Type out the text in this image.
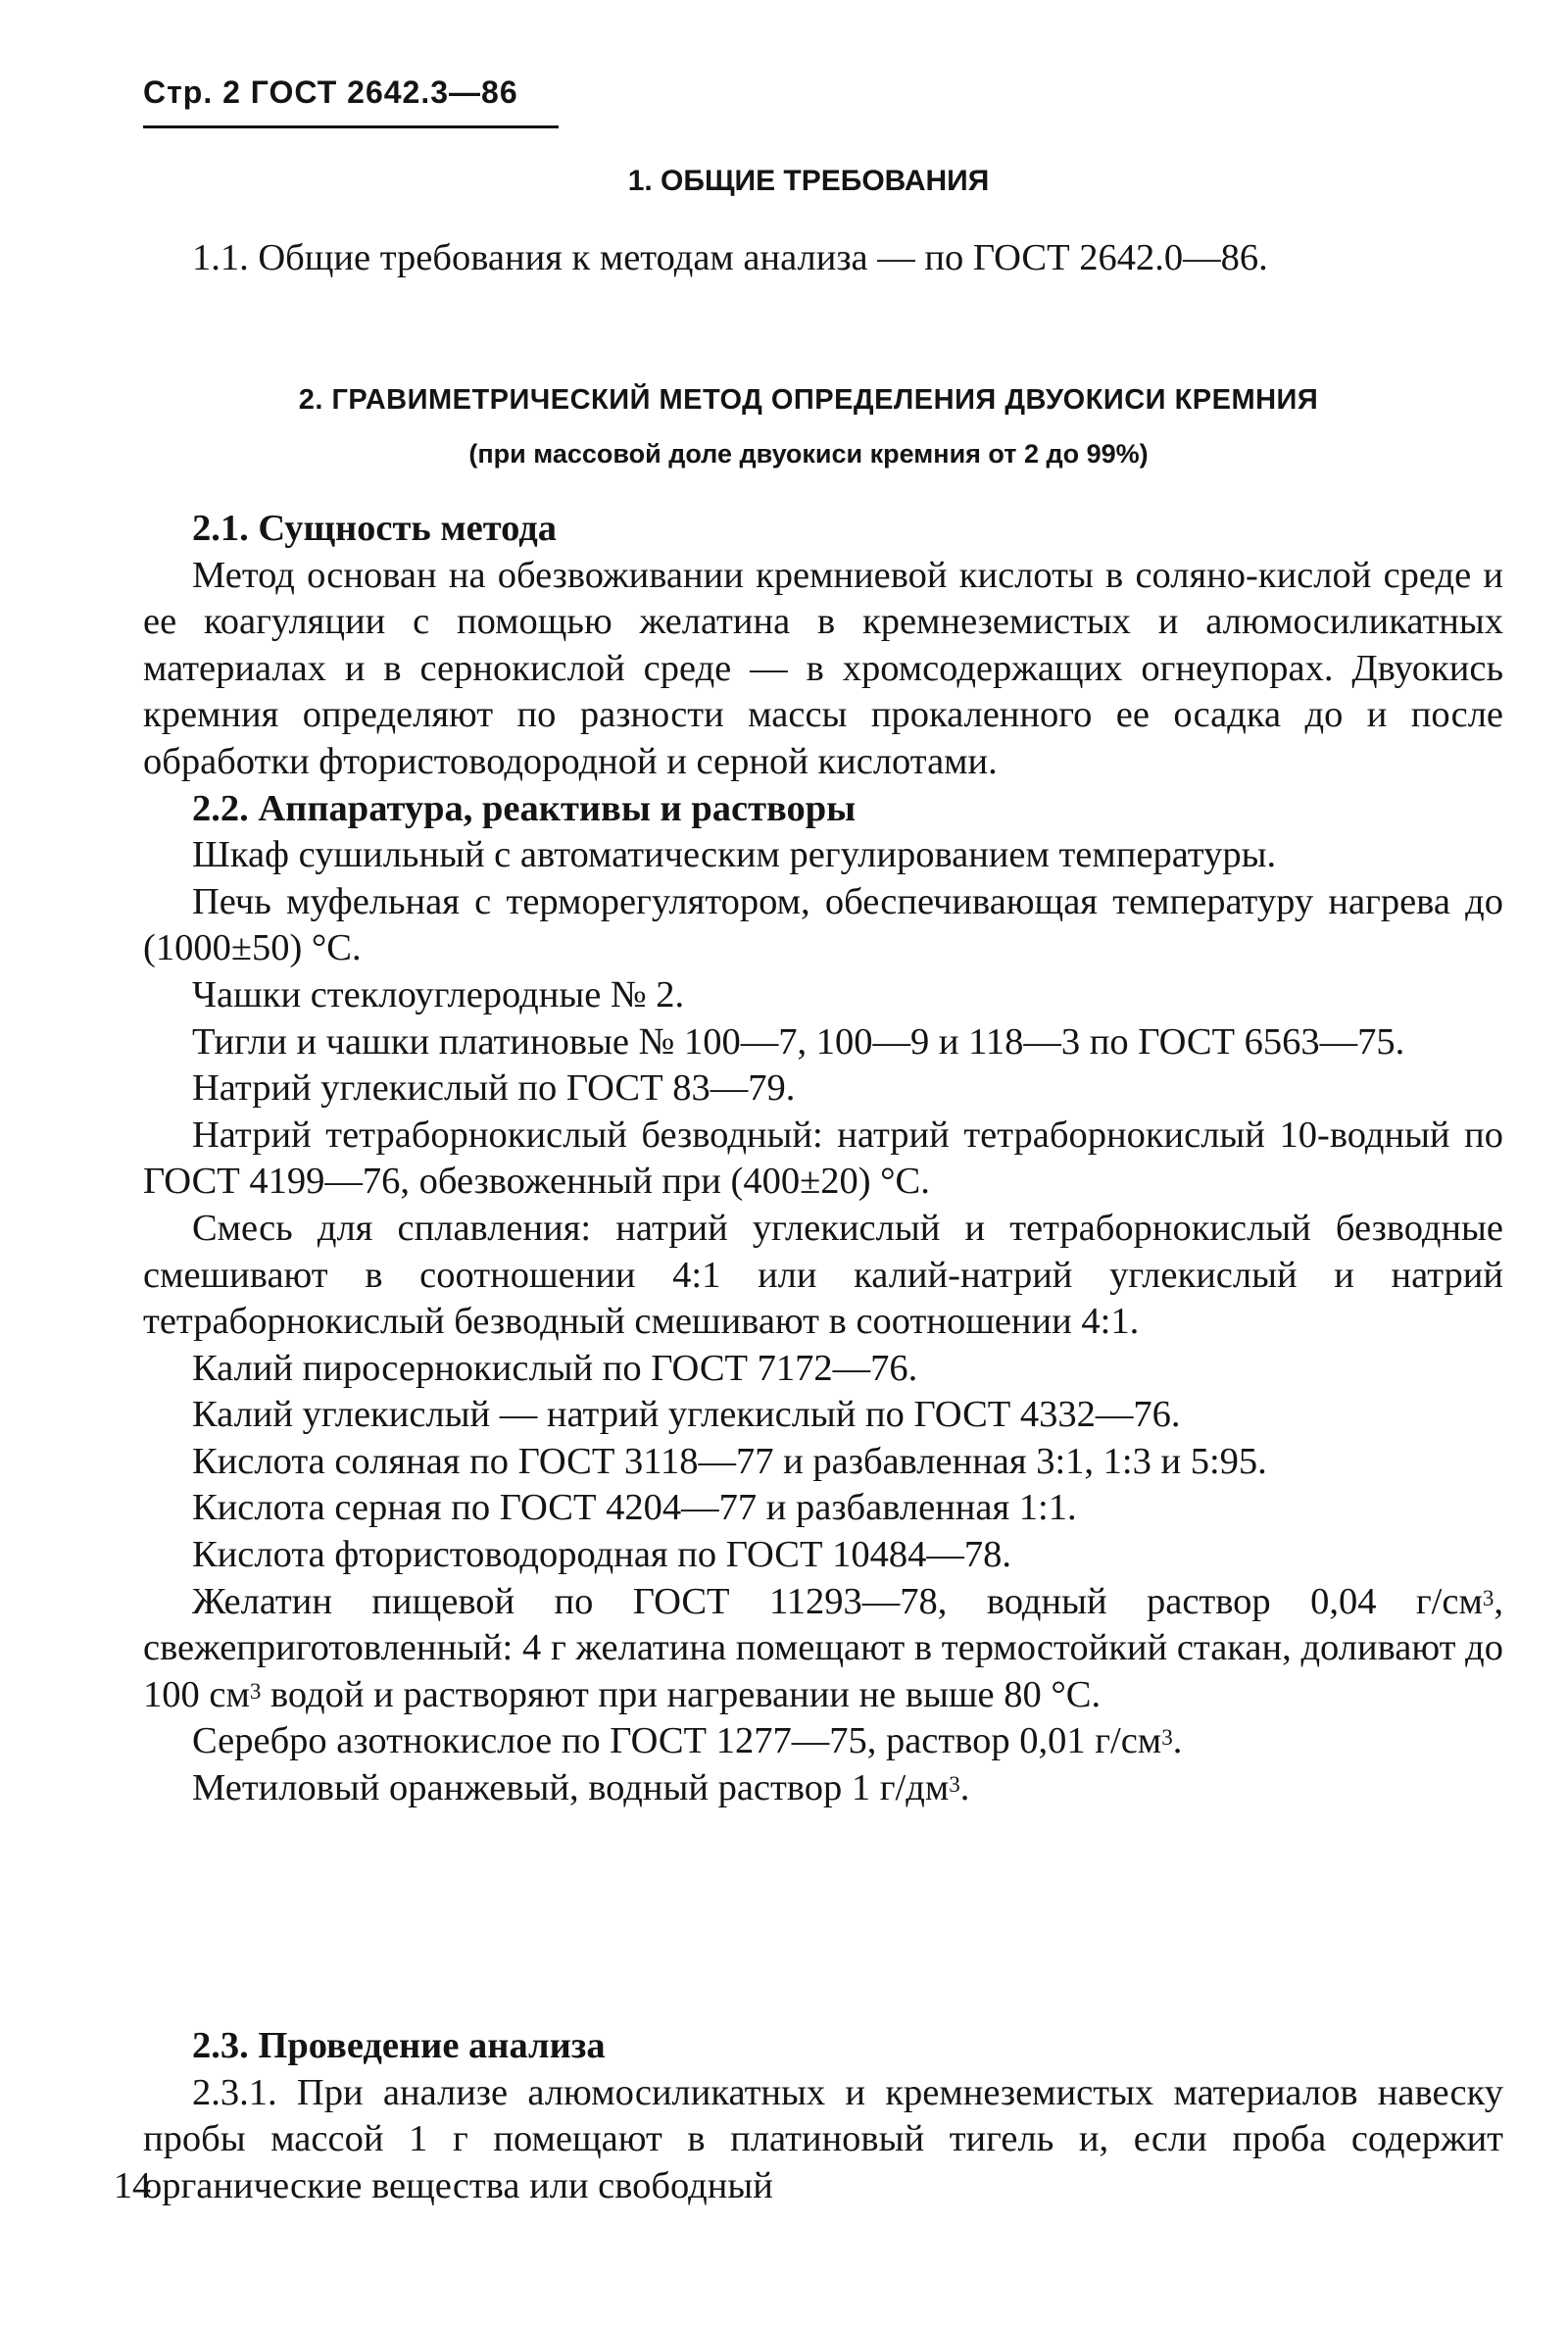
Стр. 2 ГОСТ 2642.3—86
1. ОБЩИЕ ТРЕБОВАНИЯ

1.1. Общие требования к методам анализа — по ГОСТ 2642.0—86.

2. ГРАВИМЕТРИЧЕСКИЙ МЕТОД ОПРЕДЕЛЕНИЯ ДВУОКИСИ КРЕМНИЯ
(при массовой доле двуокиси кремния от 2 до 99%)

2.1. Сущность метода

Метод основан на обезвоживании кремниевой кислоты в соляно-кислой среде и ее коагуляции с помощью желатина в кремнеземистых и алюмосиликатных материалах и в сернокислой среде — в хромсодержащих огнеупорах. Двуокись кремния определяют по разности массы прокаленного ее осадка до и после обработки фтористоводородной и серной кислотами.

2.2. Аппаратура, реактивы и растворы

Шкаф сушильный с автоматическим регулированием температуры.

Печь муфельная с терморегулятором, обеспечивающая температуру нагрева до (1000±50) °С.

Чашки стеклоуглеродные № 2.

Тигли и чашки платиновые № 100—7, 100—9 и 118—3 по ГОСТ 6563—75.

Натрий углекислый по ГОСТ 83—79.

Натрий тетраборнокислый безводный: натрий тетраборнокислый 10-водный по ГОСТ 4199—76, обезвоженный при (400±20) °С.

Смесь для сплавления: натрий углекислый и тетраборнокислый безводные смешивают в соотношении 4:1 или калий-натрий углекислый и натрий тетраборнокислый безводный смешивают в соотношении 4:1.

Калий пиросернокислый по ГОСТ 7172—76.

Калий углекислый — натрий углекислый по ГОСТ 4332—76.

Кислота соляная по ГОСТ 3118—77 и разбавленная 3:1, 1:3 и 5:95.

Кислота серная по ГОСТ 4204—77 и разбавленная 1:1.

Кислота фтористоводородная по ГОСТ 10484—78.

Желатин пищевой по ГОСТ 11293—78, водный раствор 0,04 $г/см^3$, свежеприготовленный: 4 г желатина помещают в термостойкий стакан, доливают до 100 $см^3$ водой и растворяют при нагревании не выше 80 °С.

Серебро азотнокислое по ГОСТ 1277—75, раствор 0,01 $г/см^3$.

Метиловый оранжевый, водный раствор 1 $г/дм^3$.

2.3. Проведение анализа

2.3.1. При анализе алюмосиликатных и кремнеземистых материалов навеску пробы массой 1 г помещают в платиновый тигель и, если проба содержит органические вещества или свободный

14
